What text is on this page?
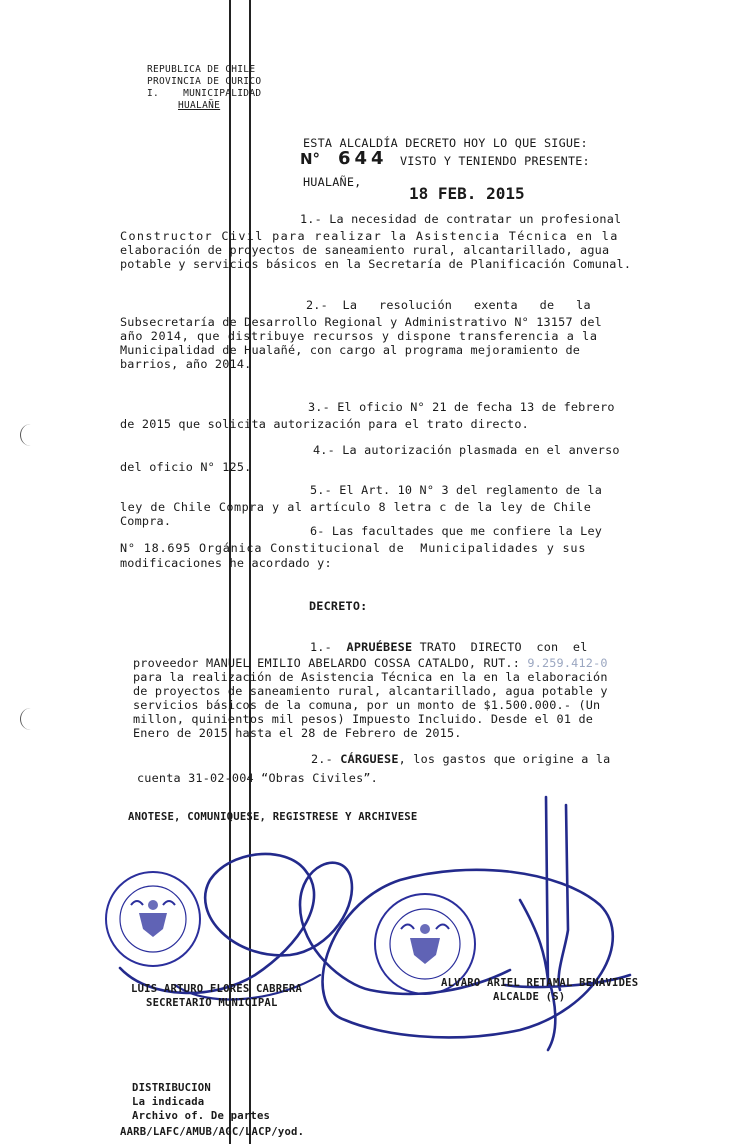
REPUBLICA DE CHILE
PROVINCIA DE CURICO
I.    MUNICIPALIDAD
HUALAÑE
ESTA ALCALDÍA DECRETO HOY LO QUE SIGUE:
N° 644 VISTO Y TENIENDO PRESENTE:
HUALAÑE,
18 FEB. 2015
1.- La necesidad de contratar un profesional
Constructor Civil para realizar la Asistencia Técnica en la
elaboración de proyectos de saneamiento rural, alcantarillado, agua
potable y servicios básicos en la Secretaría de Planificación Comunal.
2.-  La   resolución   exenta   de   la
Subsecretaría de Desarrollo Regional y Administrativo N° 13157 del
año 2014, que distribuye recursos y dispone transferencia a la
Municipalidad de Hualañé, con cargo al programa mejoramiento de
barrios, año 2014.
3.- El oficio N° 21 de fecha 13 de febrero
de 2015 que solicita autorización para el trato directo.
4.- La autorización plasmada en el anverso
del oficio N° 125.
5.- El Art. 10 N° 3 del reglamento de la
ley de Chile Compra y al artículo 8 letra c de la ley de Chile
Compra.
6- Las facultades que me confiere la Ley
N° 18.695 Orgánica Constitucional de  Municipalidades y sus
modificaciones he acordado y:
DECRETO:
1.- APRUÉBESE TRATO  DIRECTO  con  el
proveedor MANUEL EMILIO ABELARDO COSSA CATALDO, RUT.: 9.259.412-0
para la realización de Asistencia Técnica en la en la elaboración
de proyectos de saneamiento rural, alcantarillado, agua potable y
servicios básicos de la comuna, por un monto de $1.500.000.- (Un
millon, quinientos mil pesos) Impuesto Incluido. Desde el 01 de
Enero de 2015 hasta el 28 de Febrero de 2015.
2.- CÁRGUESE, los gastos que origine a la
cuenta 31-02-004 “Obras Civiles”.
ANOTESE, COMUNIQUESE, REGISTRESE Y ARCHIVESE
LUIS ARTURO FLORES CABRERA
SECRETARIO MUNICIPAL
ALVARO ARIEL RETAMAL BENAVIDES
ALCALDE (S)
DISTRIBUCION
La indicada
Archivo of. De partes
AARB/LAFC/AMUB/AGC/LACP/yod.
